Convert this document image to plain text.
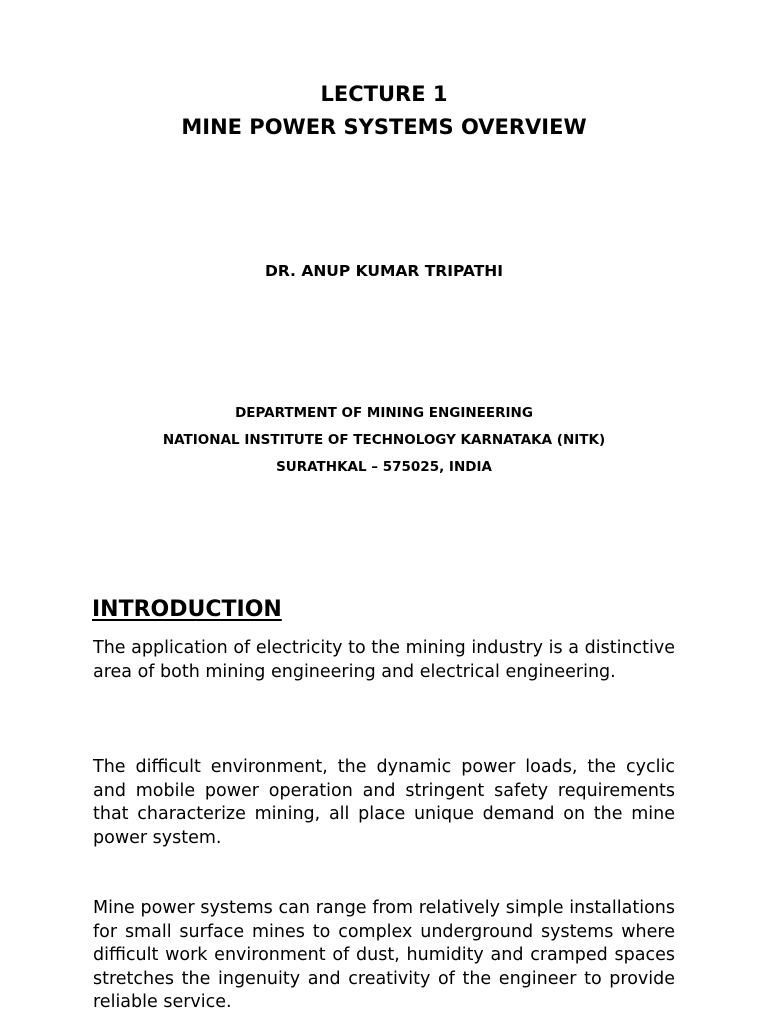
LECTURE 1
MINE POWER SYSTEMS OVERVIEW
DR. ANUP KUMAR TRIPATHI
DEPARTMENT OF MINING ENGINEERING
NATIONAL INSTITUTE OF TECHNOLOGY KARNATAKA (NITK)
SURATHKAL – 575025, INDIA
INTRODUCTION

The application of electricity to the mining industry is a distinctive area of both mining engineering and electrical engineering.

The difficult environment, the dynamic power loads, the cyclic and mobile power operation and stringent safety requirements that characterize mining, all place unique demand on the mine power system.

Mine power systems can range from relatively simple installations for small surface mines to complex underground systems where difficult work environment of dust, humidity and cramped spaces stretches the ingenuity and creativity of the engineer to provide reliable service.
